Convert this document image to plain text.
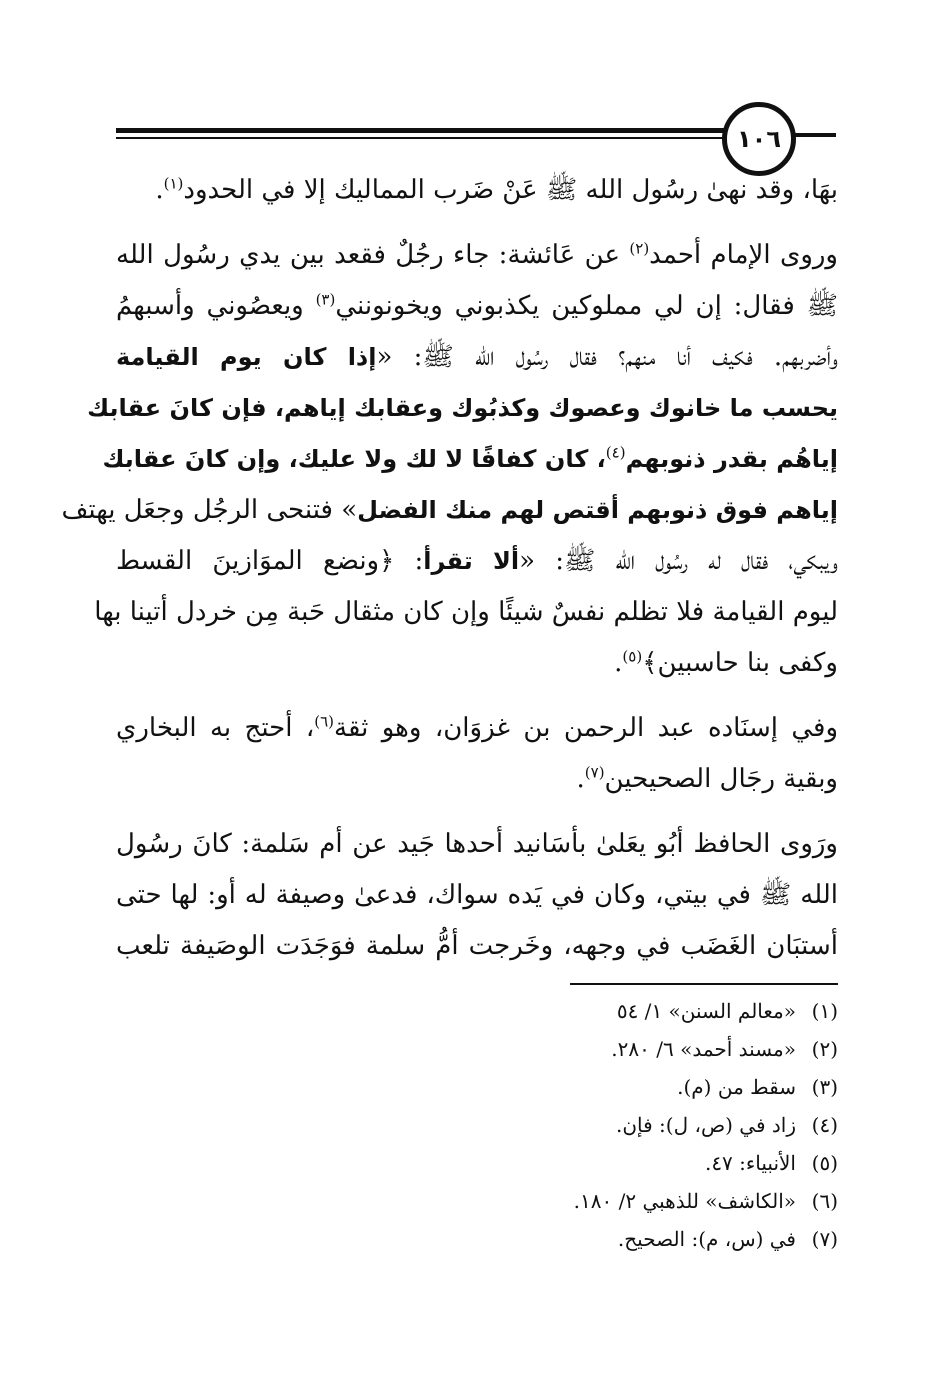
١٠٦
بهَا، وقد نهىٰ رسُول الله ﷺ عَنْ ضَرب المماليك إلا في الحدود$^{(١)}$.
وروى الإمام أحمد$^{(٢)}$ عن عَائشة: جاء رجُلٌ فقعد بين يدي رسُول الله
ﷺ فقال: إن لي مملوكين يكذبوني ويخونونني$^{(٣)}$ ويعصُوني وأسبهمُ
وأضربهم. فكيف أنا منهم؟ فقال رسُول الله ﷺ: «إذا كان يوم القيامة
يحسب ما خانوك وعصوك وكذبُوك وعقابك إياهم، فإن كانَ عقابك
إياهُم بقدر ذنوبهم$^{(٤)}$، كان كفافًا لا لك ولا عليك، وإن كانَ عقابك
إياهم فوق ذنوبهم أقتص لهم منك الفضل» فتنحى الرجُل وجعَل يهتف
ويبكي، فقال له رسُول الله ﷺ: «ألا تقرأ: ﴿ونضع الموَازينَ القسط
ليوم القيامة فلا تظلم نفسٌ شيئًا وإن كان مثقال حَبة مِن خردل أتينا بها
وكفى بنا حاسبين﴾$^{(٥)}$.
وفي إسنَاده عبد الرحمن بن غزوَان، وهو ثقة$^{(٦)}$، أحتج به البخاري
وبقية رجَال الصحيحين$^{(٧)}$.
ورَوى الحافظ أبُو يعَلىٰ بأسَانيد أحدها جَيد عن أم سَلمة: كانَ رسُول
الله ﷺ في بيتي، وكان في يَده سواك، فدعىٰ وصيفة له أو: لها حتى
أستبَان الغَضَب في وجهه، وخَرجت أمُّ سلمة فوَجَدَت الوصَيفة تلعب
(١)«معالم السنن» ١/ ٥٤
(٢)«مسند أحمد» ٦/ ٢٨٠.
(٣)سقط من (م).
(٤)زاد في (ص، ل): فإن.
(٥)الأنبياء: ٤٧.
(٦)«الكاشف» للذهبي ٢/ ١٨٠.
(٧)في (س، م): الصحيح.
